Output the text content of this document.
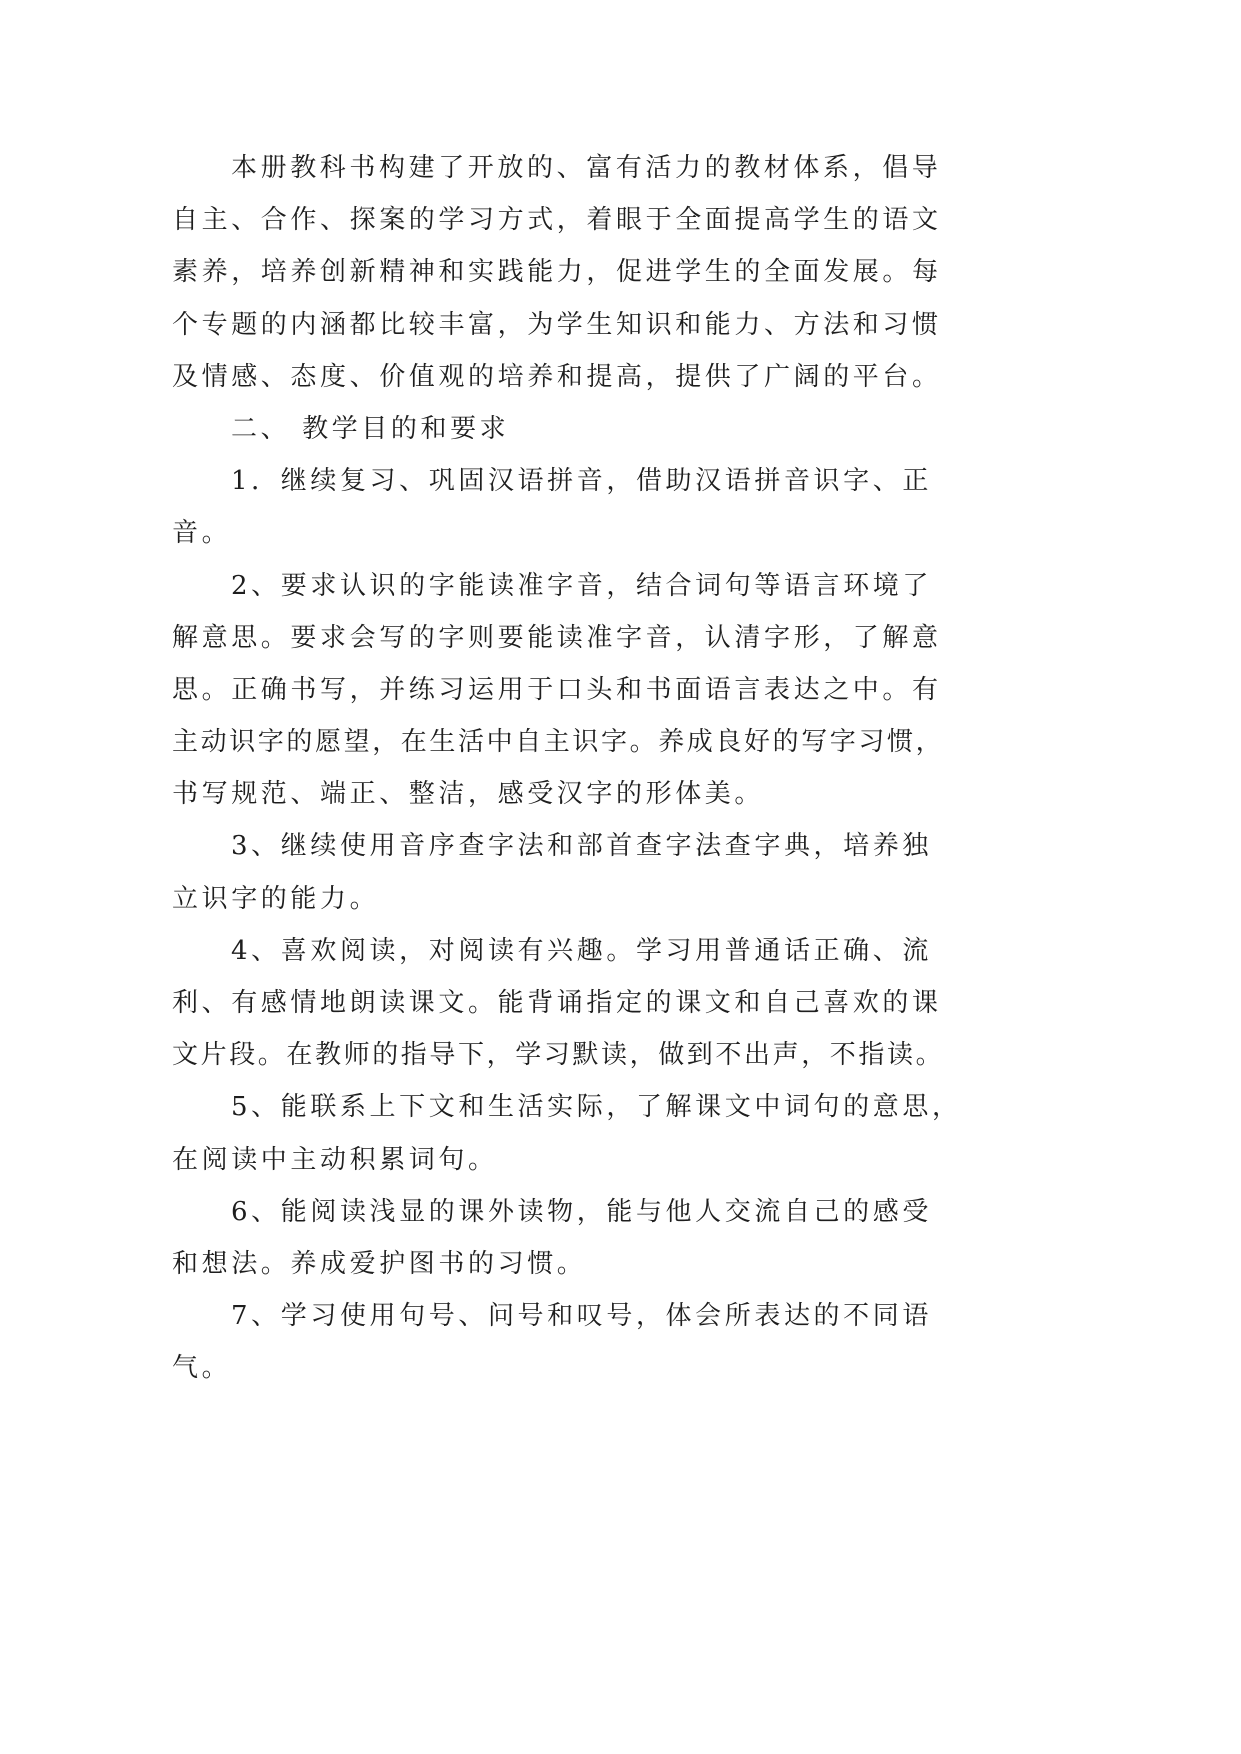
本册教科书构建了开放的、富有活力的教材体系，倡导
自主、合作、探案的学习方式，着眼于全面提高学生的语文
素养，培养创新精神和实践能力，促进学生的全面发展。每
个专题的内涵都比较丰富，为学生知识和能力、方法和习惯
及情感、态度、价值观的培养和提高，提供了广阔的平台。
二、 教学目的和要求
1．继续复习、巩固汉语拼音，借助汉语拼音识字、正
音。
2、要求认识的字能读准字音，结合词句等语言环境了
解意思。要求会写的字则要能读准字音，认清字形，了解意
思。正确书写，并练习运用于口头和书面语言表达之中。有
主动识字的愿望，在生活中自主识字。养成良好的写字习惯，
书写规范、端正、整洁，感受汉字的形体美。
3、继续使用音序查字法和部首查字法查字典，培养独
立识字的能力。
4、喜欢阅读，对阅读有兴趣。学习用普通话正确、流
利、有感情地朗读课文。能背诵指定的课文和自己喜欢的课
文片段。在教师的指导下，学习默读，做到不出声，不指读。
5、能联系上下文和生活实际，了解课文中词句的意思，
在阅读中主动积累词句。
6、能阅读浅显的课外读物，能与他人交流自己的感受
和想法。养成爱护图书的习惯。
7、学习使用句号、问号和叹号，体会所表达的不同语
气。
